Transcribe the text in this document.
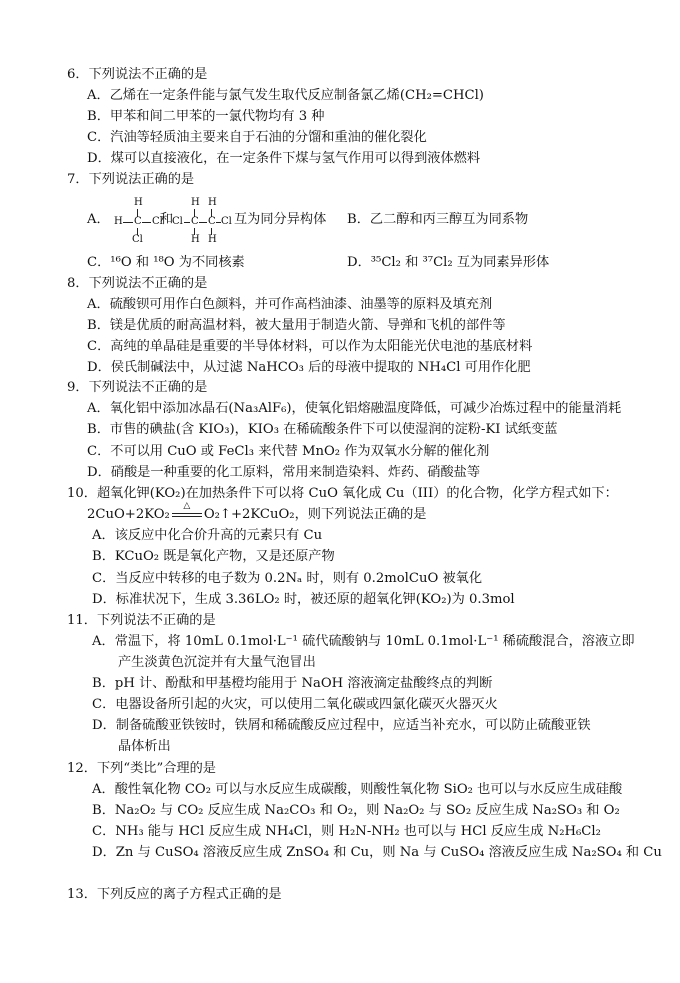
6．下列说法不正确的是
A．乙烯在一定条件能与氯气发生取代反应制备氯乙烯(CH₂=CHCl)
B．甲苯和间二甲苯的一氯代物均有 3 种
C．汽油等轻质油主要来自于石油的分馏和重油的催化裂化
D．煤可以直接液化，在一定条件下煤与氢气作用可以得到液体燃料
7．下列说法正确的是
A．
H
H C Cl
Cl
和
Cl
H
C
H
H
C
H
Cl 互为同分异构体 B．乙二醇和丙三醇互为同系物
C．¹⁶O 和 ¹⁸O 为不同核素	D．³⁵Cl₂ 和 ³⁷Cl₂ 互为同素异形体
8．下列说法不正确的是
A．硫酸钡可用作白色颜料，并可作高档油漆、油墨等的原料及填充剂
B．镁是优质的耐高温材料，被大量用于制造火箭、导弹和飞机的部件等
C．高纯的单晶硅是重要的半导体材料，可以作为太阳能光伏电池的基底材料
D．侯氏制碱法中，从过滤 NaHCO₃ 后的母液中提取的 NH₄Cl 可用作化肥
9．下列说法不正确的是
A．氧化铝中添加冰晶石(Na₃AlF₆)，使氧化铝熔融温度降低，可减少冶炼过程中的能量消耗
B．市售的碘盐(含 KIO₃)，KIO₃ 在稀硫酸条件下可以使湿润的淀粉-KI 试纸变蓝
C．不可以用 CuO 或 FeCl₃ 来代替 MnO₂ 作为双氧水分解的催化剂
D．硝酸是一种重要的化工原料，常用来制造染料、炸药、硝酸盐等
10．超氧化钾(KO₂)在加热条件下可以将 CuO 氧化成 Cu（III）的化合物，化学方程式如下：
2CuO+2KO₂
△
O₂↑+2KCuO₂，则下列说法正确的是
A．该反应中化合价升高的元素只有 Cu
B．KCuO₂ 既是氧化产物，又是还原产物
C．当反应中转移的电子数为 0.2Nₐ 时，则有 0.2molCuO 被氧化
D．标准状况下，生成 3.36LO₂ 时，被还原的超氧化钾(KO₂)为 0.3mol
11．下列说法不正确的是
A．常温下，将 10mL 0.1mol·L⁻¹ 硫代硫酸钠与 10mL 0.1mol·L⁻¹ 稀硫酸混合，溶液立即
产生淡黄色沉淀并有大量气泡冒出
B．pH 计、酚酞和甲基橙均能用于 NaOH 溶液滴定盐酸终点的判断
C．电器设备所引起的火灾，可以使用二氧化碳或四氯化碳灭火器灭火
D．制备硫酸亚铁铵时，铁屑和稀硫酸反应过程中，应适当补充水，可以防止硫酸亚铁
晶体析出
12．下列“类比”合理的是
A．酸性氧化物 CO₂ 可以与水反应生成碳酸，则酸性氧化物 SiO₂ 也可以与水反应生成硅酸
B．Na₂O₂ 与 CO₂ 反应生成 Na₂CO₃ 和 O₂，则 Na₂O₂ 与 SO₂ 反应生成 Na₂SO₃ 和 O₂
C．NH₃ 能与 HCl 反应生成 NH₄Cl，则 H₂N-NH₂ 也可以与 HCl 反应生成 N₂H₆Cl₂
D．Zn 与 CuSO₄ 溶液反应生成 ZnSO₄ 和 Cu，则 Na 与 CuSO₄ 溶液反应生成 Na₂SO₄ 和 Cu
13．下列反应的离子方程式正确的是
